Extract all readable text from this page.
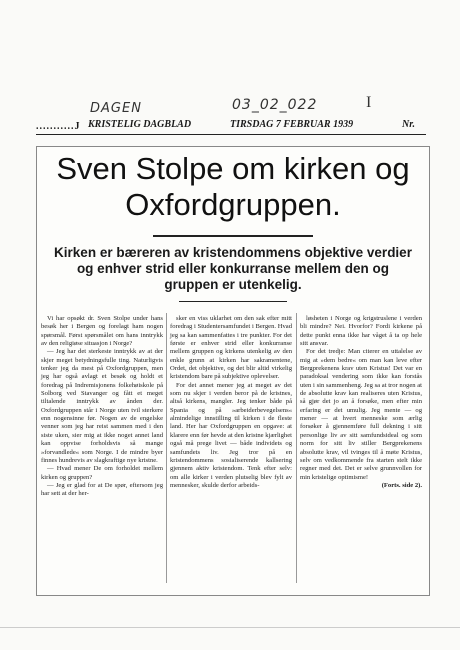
DAGEN	03_02_022	I
...........J KRISTELIG DAGBLAD	TIRSDAG 7 FEBRUAR 1939	Nr.
Sven Stolpe om kirken og
Oxfordgruppen.
Kirken er bæreren av kristendommens objektive verdier og enhver strid eller konkurranse mellem den og gruppen er utenkelig.

Vi har opsøkt dr. Sven Stolpe under hans besøk her i Bergen og forelagt ham nogen spørsmål. Først spørsmålet om hans inntrykk av den religiøse situasjon i Norge?

— Jeg har det sterkeste inntrykk av at der skjer meget betydningsfulle ting. Naturligvis tenker jeg da mest på Oxfordgruppen, men jeg har også avlagt et besøk og holdt et foredrag på Indremisjonens folkehøiskole på Solborg ved Stavanger og fått et meget tiltalende inntrykk av ånden der. Oxfordgruppen står i Norge uten tvil sterkere enn nogensinne før. Nogen av de engelske venner som jeg har reist sammen med i den siste uken, sier mig at ikke noget annet land kan oppvise forholdsvis så mange »forvandlede« som Norge. I de mindre byer finnes hundrevis av slagkraftige nye kristne.

— Hvad mener De om forholdet mellem kirken og gruppen?

— Jeg er glad for at De spør, eftersom jeg har sett at der her-

sker en viss uklarhet om den sak efter mitt foredrag i Studentersamfundet i Bergen. Hvad jeg sa kan sammenfattes i tre punkter. For det første er enhver strid eller konkurranse mellem gruppen og kirkens utenkelig av den enkle grunn at kirken har sakramentene, Ordet, det objektive, og det blir altid virkelig kristendom bare på subjektive oplevelser.

For det annet mener jeg at meget av det som nu skjer i verden beror på de kristnes, altså kirkens, mangler. Jeg tenker både på Spania og på »arbeiderbevegelsens« almindelige innstilling til kirken i de fleste land. Her har Oxfordgruppen en opgave: at klarere enn før hevde at den kristne kjærlighet også må prege livet — både individets og samfundets liv. Jeg tror på en kristendommens sosialiserende kallsering gjennem aktiv kristendom. Tenk efter selv: om alle kirker i verden plutselig blev fylt av mennesker, skulde derfor arbeids-

løsheten i Norge og krigstruslene i verden bli mindre? Nei. Hvorfor? Fordi kirkene på dette punkt enna ikke har våget å ta op hele sitt ansvar.

For det tredje: Man citerer en uttalelse av mig at »dem bedre« om man kan leve efter Bergprekenens krav uten Kristus! Det var en paradoksal vendering som ikke kan forstås uten i sin sammenheng. Jeg sa at tror nogen at de absolutte krav kan realiseres uten Kristus, så gjør det jo an å forsøke, men efter min erfaring er det umulig. Jeg mente — og mener — at hvert menneske som ærlig forsøker å gjennemføre full dekning i sitt personlige liv av sitt samfundsideal og som norm for sitt liv stiller Bergprekenens absolutte krav, vil tvinges til å møte Kristus, selv om vedkommende fra starten stelt ikke regner med det. Det er selve grunnvollen for min kristelige optimisme!

(Forts. side 2).
